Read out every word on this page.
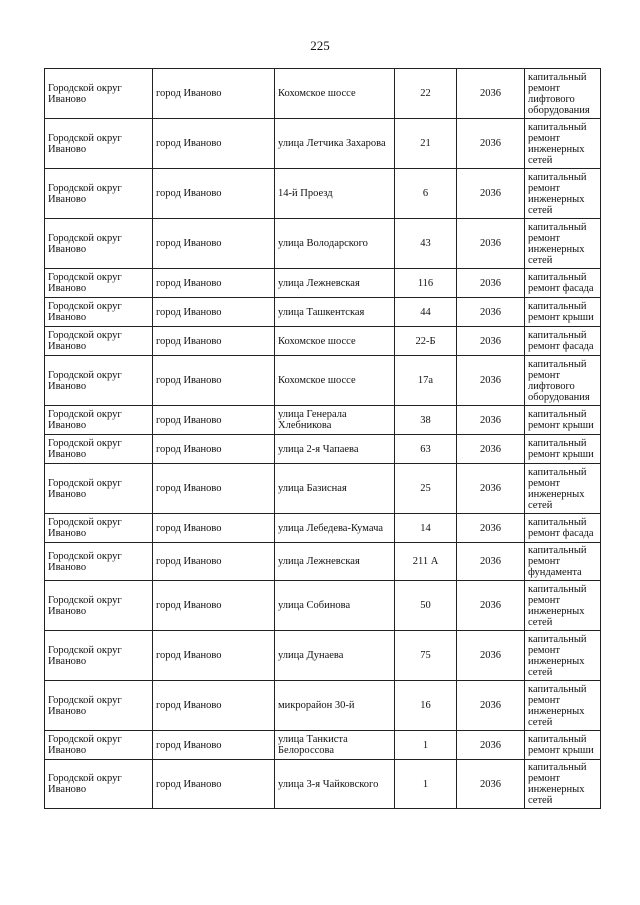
225
Городской округ Иваново	город Иваново	Кохомское шоссе	22	2036	капитальный ремонт лифтового оборудования
Городской округ Иваново	город Иваново	улица Летчика Захарова	21	2036	капитальный ремонт инженерных сетей
Городской округ Иваново	город Иваново	14-й Проезд	6	2036	капитальный ремонт инженерных сетей
Городской округ Иваново	город Иваново	улица Володарского	43	2036	капитальный ремонт инженерных сетей
Городской округ Иваново	город Иваново	улица Лежневская	116	2036	капитальный ремонт фасада
Городской округ Иваново	город Иваново	улица Ташкентская	44	2036	капитальный ремонт крыши
Городской округ Иваново	город Иваново	Кохомское шоссе	22-Б	2036	капитальный ремонт фасада
Городской округ Иваново	город Иваново	Кохомское шоссе	17а	2036	капитальный ремонт лифтового оборудования
Городской округ Иваново	город Иваново	улица Генерала Хлебникова	38	2036	капитальный ремонт крыши
Городской округ Иваново	город Иваново	улица 2-я Чапаева	63	2036	капитальный ремонт крыши
Городской округ Иваново	город Иваново	улица Базисная	25	2036	капитальный ремонт инженерных сетей
Городской округ Иваново	город Иваново	улица Лебедева-Кумача	14	2036	капитальный ремонт фасада
Городской округ Иваново	город Иваново	улица Лежневская	211 А	2036	капитальный ремонт фундамента
Городской округ Иваново	город Иваново	улица Собинова	50	2036	капитальный ремонт инженерных сетей
Городской округ Иваново	город Иваново	улица Дунаева	75	2036	капитальный ремонт инженерных сетей
Городской округ Иваново	город Иваново	микрорайон 30-й	16	2036	капитальный ремонт инженерных сетей
Городской округ Иваново	город Иваново	улица Танкиста Белороссова	1	2036	капитальный ремонт крыши
Городской округ Иваново	город Иваново	улица 3-я Чайковского	1	2036	капитальный ремонт инженерных сетей
